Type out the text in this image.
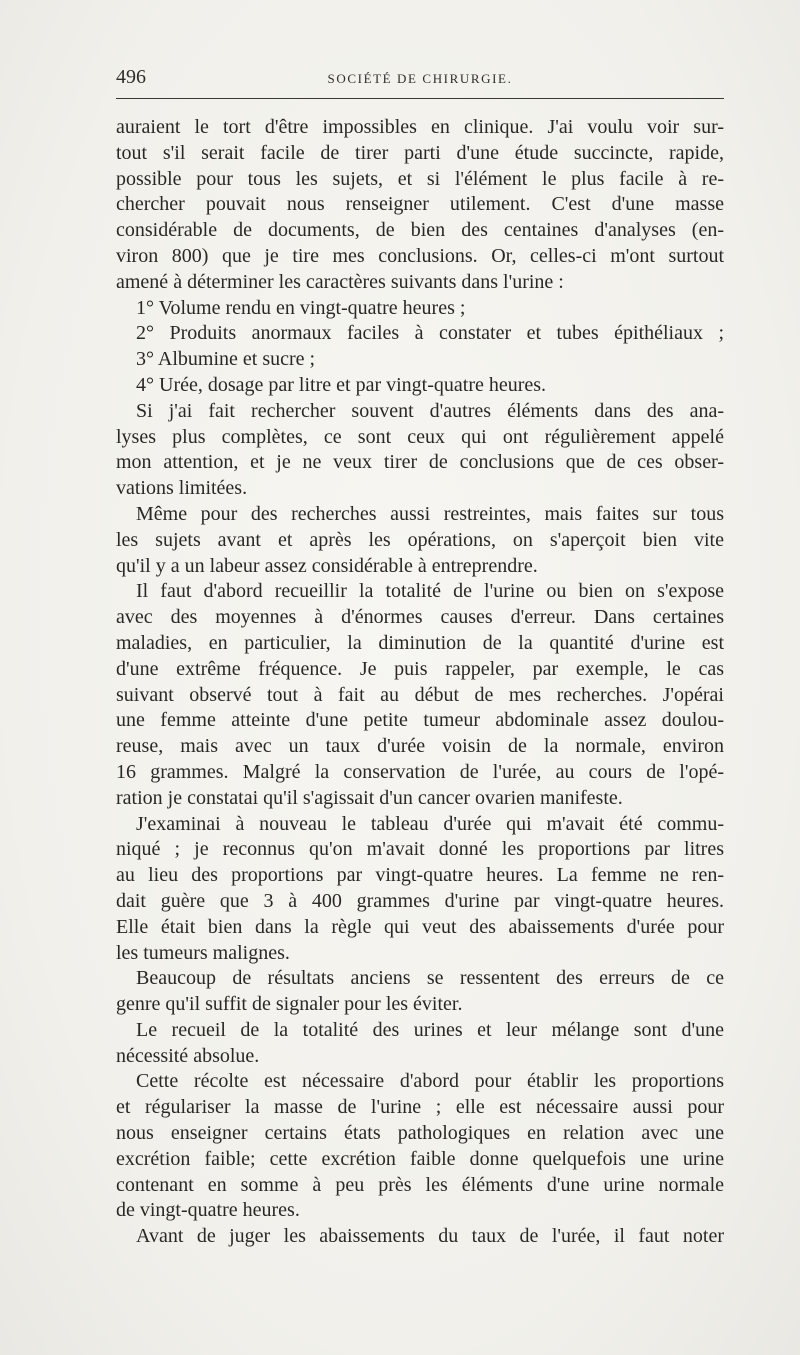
496	SOCIÉTÉ DE CHIRURGIE.
auraient le tort d'être impossibles en clinique. J'ai voulu voir sur-
tout s'il serait facile de tirer parti d'une étude succincte, rapide,
possible pour tous les sujets, et si l'élément le plus facile à re-
chercher pouvait nous renseigner utilement. C'est d'une masse
considérable de documents, de bien des centaines d'analyses (en-
viron 800) que je tire mes conclusions. Or, celles-ci m'ont surtout
amené à déterminer les caractères suivants dans l'urine :
1° Volume rendu en vingt-quatre heures ;
2° Produits anormaux faciles à constater et tubes épithéliaux ;
3° Albumine et sucre ;
4° Urée, dosage par litre et par vingt-quatre heures.
Si j'ai fait rechercher souvent d'autres éléments dans des ana-
lyses plus complètes, ce sont ceux qui ont régulièrement appelé
mon attention, et je ne veux tirer de conclusions que de ces obser-
vations limitées.
Même pour des recherches aussi restreintes, mais faites sur tous
les sujets avant et après les opérations, on s'aperçoit bien vite
qu'il y a un labeur assez considérable à entreprendre.
Il faut d'abord recueillir la totalité de l'urine ou bien on s'expose
avec des moyennes à d'énormes causes d'erreur. Dans certaines
maladies, en particulier, la diminution de la quantité d'urine est
d'une extrême fréquence. Je puis rappeler, par exemple, le cas
suivant observé tout à fait au début de mes recherches. J'opérai
une femme atteinte d'une petite tumeur abdominale assez doulou-
reuse, mais avec un taux d'urée voisin de la normale, environ
16 grammes. Malgré la conservation de l'urée, au cours de l'opé-
ration je constatai qu'il s'agissait d'un cancer ovarien manifeste.
J'examinai à nouveau le tableau d'urée qui m'avait été commu-
niqué ; je reconnus qu'on m'avait donné les proportions par litres
au lieu des proportions par vingt-quatre heures. La femme ne ren-
dait guère que 3 à 400 grammes d'urine par vingt-quatre heures.
Elle était bien dans la règle qui veut des abaissements d'urée pour
les tumeurs malignes.
Beaucoup de résultats anciens se ressentent des erreurs de ce
genre qu'il suffit de signaler pour les éviter.
Le recueil de la totalité des urines et leur mélange sont d'une
nécessité absolue.
Cette récolte est nécessaire d'abord pour établir les proportions
et régulariser la masse de l'urine ; elle est nécessaire aussi pour
nous enseigner certains états pathologiques en relation avec une
excrétion faible; cette excrétion faible donne quelquefois une urine
contenant en somme à peu près les éléments d'une urine normale
de vingt-quatre heures.
Avant de juger les abaissements du taux de l'urée, il faut noter
